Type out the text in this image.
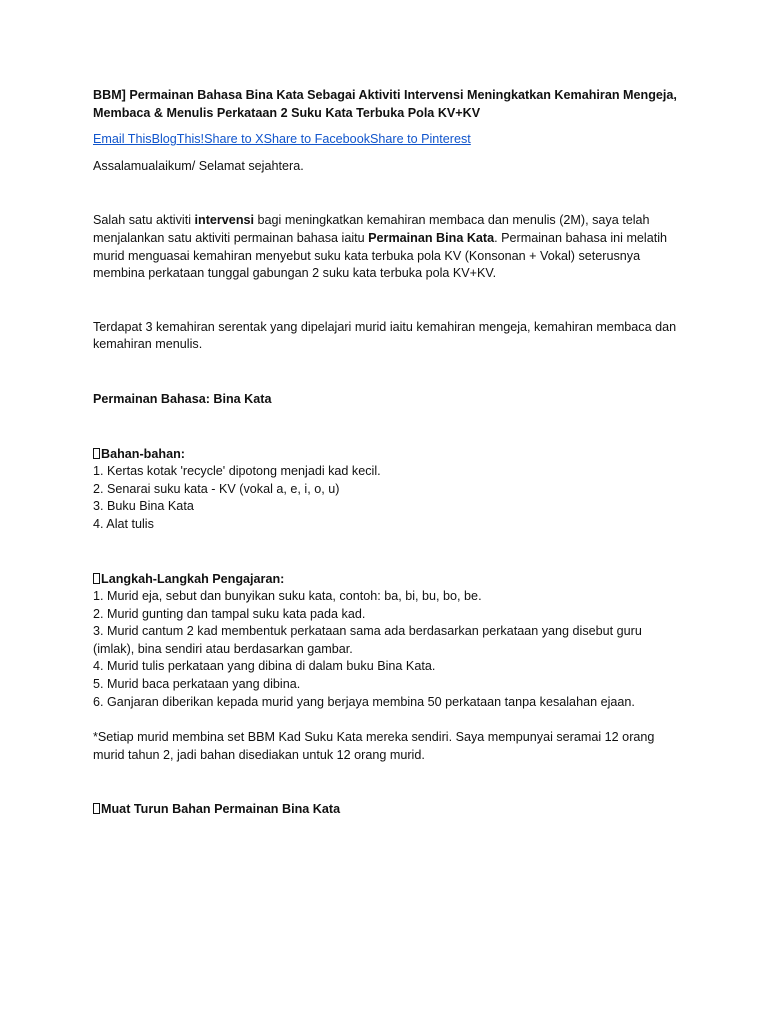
BBM] Permainan Bahasa Bina Kata Sebagai Aktiviti Intervensi Meningkatkan Kemahiran Mengeja, Membaca & Menulis Perkataan 2 Suku Kata Terbuka Pola KV+KV

Email ThisBlogThis!Share to XShare to FacebookShare to Pinterest

Assalamualaikum/ Selamat sejahtera.

Salah satu aktiviti intervensi bagi meningkatkan kemahiran membaca dan menulis (2M), saya telah menjalankan satu aktiviti permainan bahasa iaitu Permainan Bina Kata. Permainan bahasa ini melatih murid menguasai kemahiran menyebut suku kata terbuka pola KV (Konsonan + Vokal) seterusnya membina perkataan tunggal gabungan 2 suku kata terbuka pola KV+KV.

Terdapat 3 kemahiran serentak yang dipelajari murid iaitu kemahiran mengeja, kemahiran membaca dan kemahiran menulis.

Permainan Bahasa: Bina Kata

Bahan-bahan:

1. Kertas kotak 'recycle' dipotong menjadi kad kecil.
2. Senarai suku kata - KV (vokal a, e, i, o, u)
3. Buku Bina Kata
4. Alat tulis

Langkah-Langkah Pengajaran:

1. Murid eja, sebut dan bunyikan suku kata, contoh: ba, bi, bu, bo, be.
2. Murid gunting dan tampal suku kata pada kad.
3. Murid cantum 2 kad membentuk perkataan sama ada berdasarkan perkataan yang disebut guru (imlak), bina sendiri atau berdasarkan gambar.
4. Murid tulis perkataan yang dibina di dalam buku Bina Kata.
5. Murid baca perkataan yang dibina.
6. Ganjaran diberikan kepada murid yang berjaya membina 50 perkataan tanpa kesalahan ejaan.

*Setiap murid membina set BBM Kad Suku Kata mereka sendiri. Saya mempunyai seramai 12 orang murid tahun 2, jadi bahan disediakan untuk 12 orang murid.

Muat Turun Bahan Permainan Bina Kata
